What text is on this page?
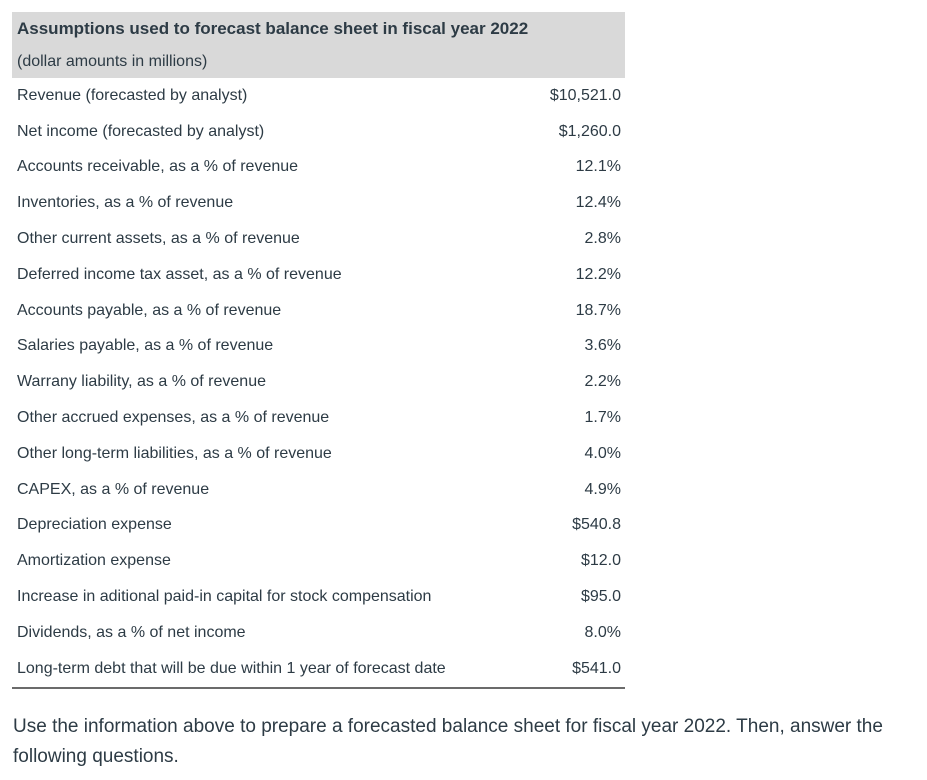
Assumptions used to forecast balance sheet in fiscal year 2022	
(dollar amounts in millions)	
Revenue (forecasted by analyst)	$10,521.0
Net income (forecasted by analyst)	$1,260.0
Accounts receivable, as a % of revenue	12.1%
Inventories, as a % of revenue	12.4%
Other current assets, as a % of revenue	2.8%
Deferred income tax asset, as a % of revenue	12.2%
Accounts payable, as a % of revenue	18.7%
Salaries payable, as a % of revenue	3.6%
Warrany liability, as a % of revenue	2.2%
Other accrued expenses, as a % of revenue	1.7%
Other long-term liabilities, as a % of revenue	4.0%
CAPEX, as a % of revenue	4.9%
Depreciation expense	$540.8
Amortization expense	$12.0
Increase in aditional paid-in capital for stock compensation	$95.0
Dividends, as a % of net income	8.0%
Long-term debt that will be due within 1 year of forecast date	$541.0

Use the information above to prepare a forecasted balance sheet for fiscal year 2022. Then, answer the following questions.
